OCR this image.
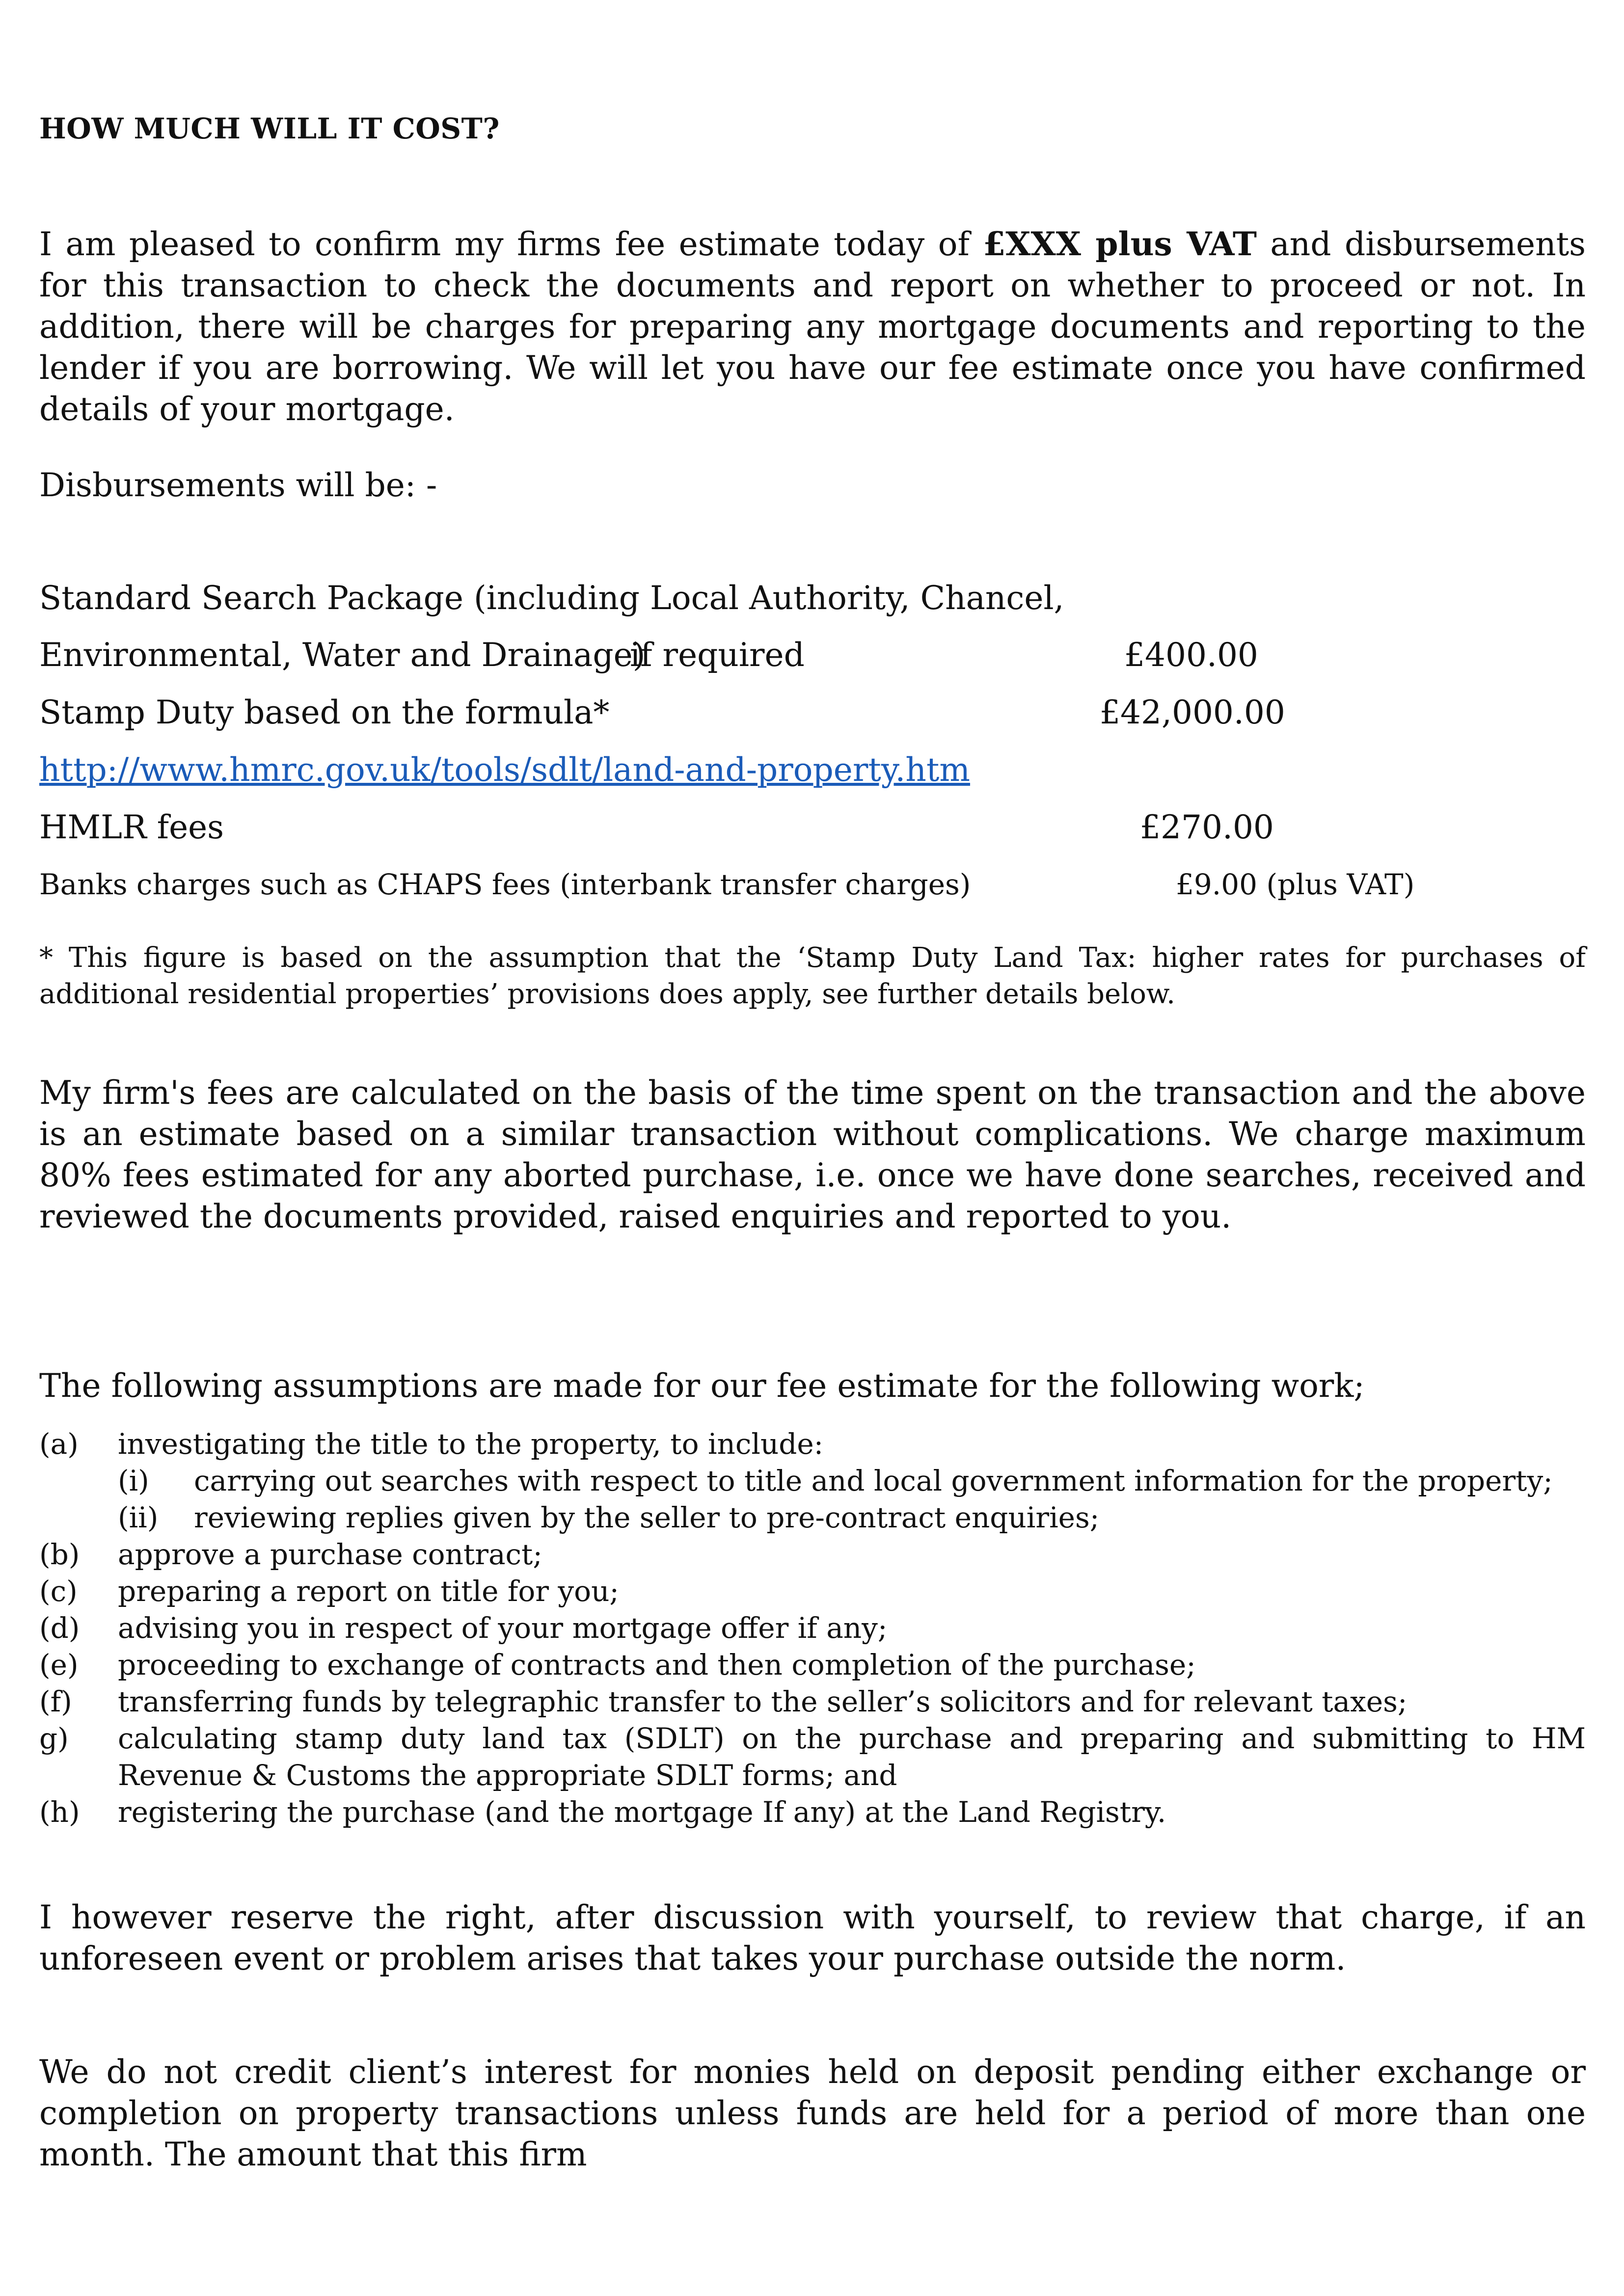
HOW MUCH WILL IT COST?
I am pleased to confirm my firms fee estimate today of £XXX plus VAT and disbursements for this transaction to check the documents and report on whether to proceed or not. In addition, there will be charges for preparing any mortgage documents and reporting to the lender if you are borrowing. We will let you have our fee estimate once you have confirmed details of your mortgage.
Disbursements will be: -
Standard Search Package (including Local Authority, Chancel,
Environmental, Water and Drainage)
if required	£400.00
Stamp Duty based on the formula*	£42,000.00
http://www.hmrc.gov.uk/tools/sdlt/land-and-property.htm
HMLR fees	£270.00
Banks charges such as CHAPS fees (interbank transfer charges)	£9.00 (plus VAT)
* This figure is based on the assumption that the ‘Stamp Duty Land Tax: higher rates for purchases of additional residential properties’ provisions does apply, see further details below.
My firm's fees are calculated on the basis of the time spent on the transaction and the above is an estimate based on a similar transaction without complications. We charge maximum 80% fees estimated for any aborted purchase, i.e. once we have done searches, received and reviewed the documents provided, raised enquiries and reported to you.
The following assumptions are made for our fee estimate for the following work;
(a) investigating the title to the property, to include:
(i) carrying out searches with respect to title and local government information for the property;
(ii) reviewing replies given by the seller to pre-contract enquiries;
(b) approve a purchase contract;
(c) preparing a report on title for you;
(d) advising you in respect of your mortgage offer if any;
(e) proceeding to exchange of contracts and then completion of the purchase;
(f) transferring funds by telegraphic transfer to the seller’s solicitors and for relevant taxes;
g) calculating stamp duty land tax (SDLT) on the purchase and preparing and submitting to HM Revenue & Customs the appropriate SDLT forms; and
(h) registering the purchase (and the mortgage If any) at the Land Registry.
I however reserve the right, after discussion with yourself, to review that charge, if an unforeseen event or problem arises that takes your purchase outside the norm.
We do not credit client’s interest for monies held on deposit pending either exchange or completion on property transactions unless funds are held for a period of more than one month. The amount that this firm
